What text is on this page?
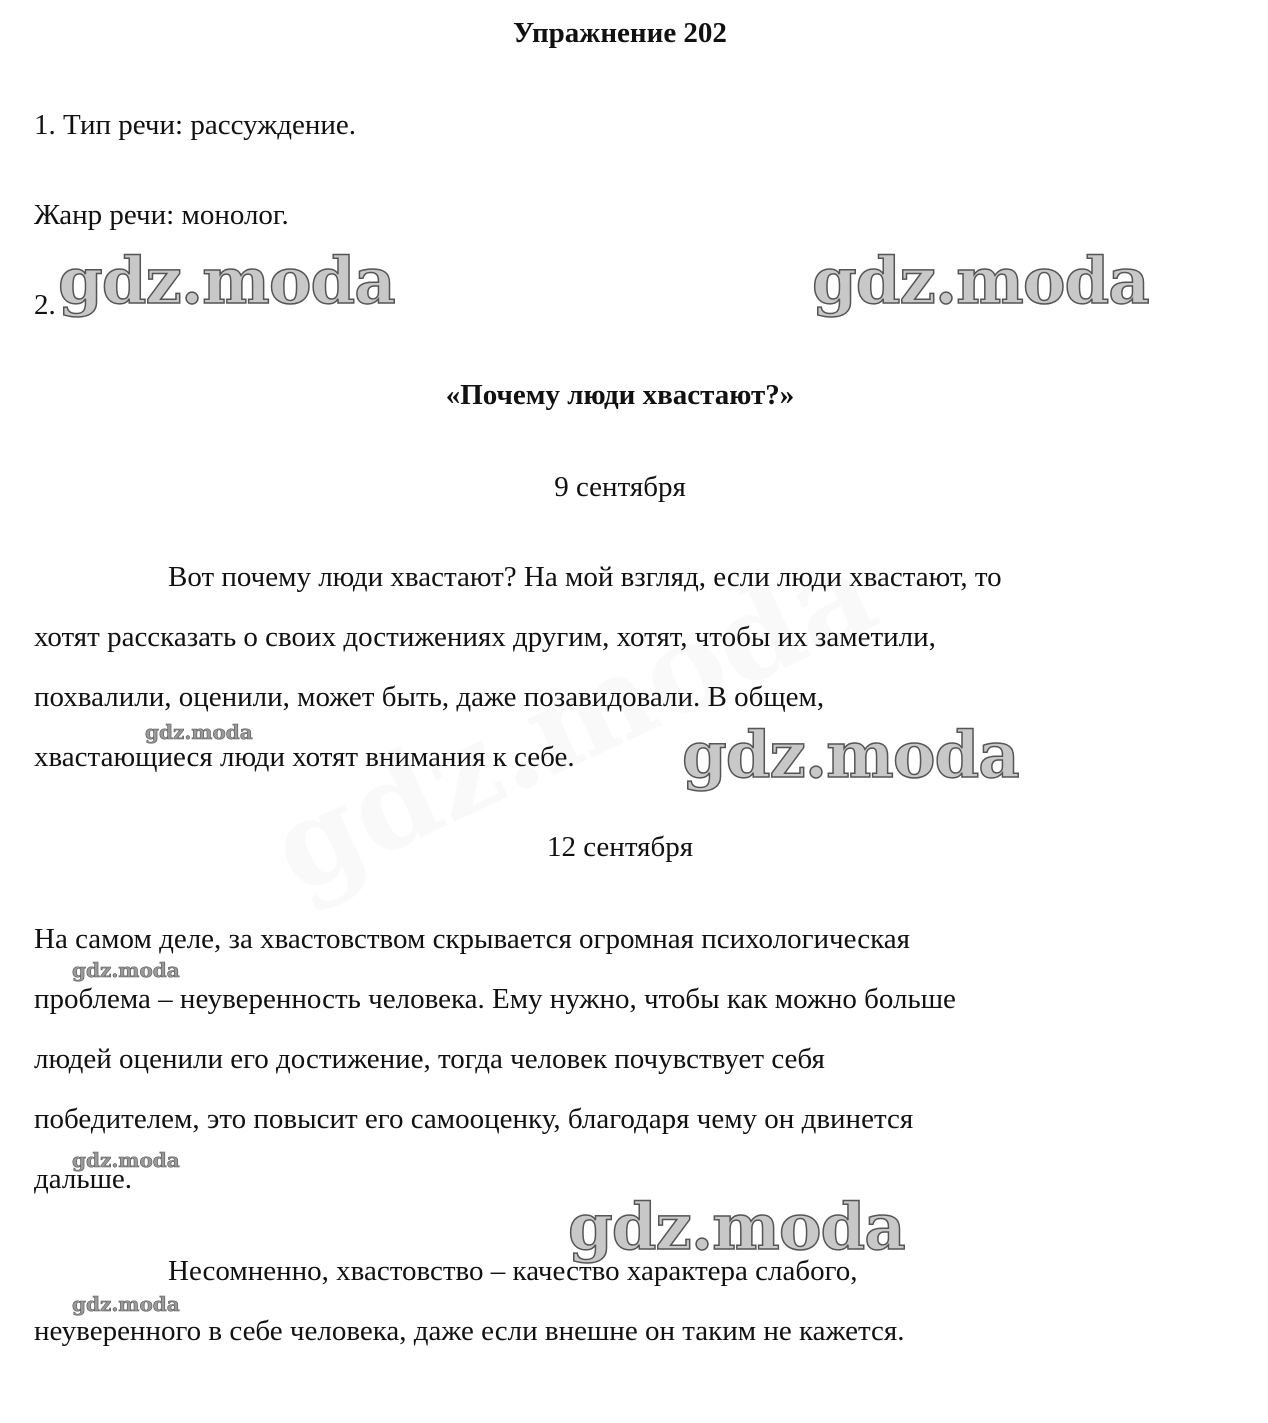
Упражнение 202
1. Тип речи: рассуждение.
Жанр речи: монолог.
2.
«Почему люди хвастают?»
9 сентября
Вот почему люди хвастают? На мой взгляд, если люди хвастают, то
хотят рассказать о своих достижениях другим, хотят, чтобы их заметили,
похвалили, оценили, может быть, даже позавидовали. В общем,
хвастающиеся люди хотят внимания к себе.
12 сентября
На самом деле, за хвастовством скрывается огромная психологическая
проблема – неуверенность человека. Ему нужно, чтобы как можно больше
людей оценили его достижение, тогда человек почувствует себя
победителем, это повысит его самооценку, благодаря чему он двинется
дальше.
Несомненно, хвастовство – качество характера слабого,
неуверенного в себе человека, даже если внешне он таким не кажется.
gdz.moda	gdz.moda
gdz.moda
gdz.moda
gdz.moda
gdz.moda
gdz.moda
gdz.moda
